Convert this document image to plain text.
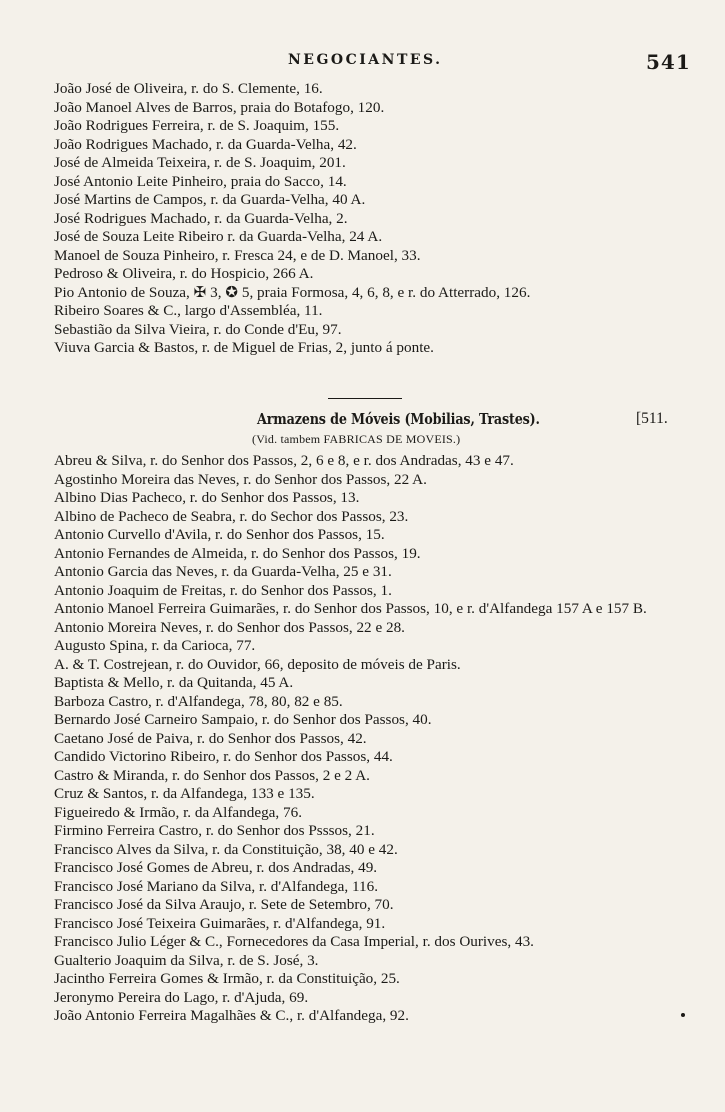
NEGOCIANTES.	541
João José de Oliveira, r. do S. Clemente, 16.
João Manoel Alves de Barros, praia do Botafogo, 120.
João Rodrigues Ferreira, r. de S. Joaquim, 155.
João Rodrigues Machado, r. da Guarda-Velha, 42.
José de Almeida Teixeira, r. de S. Joaquim, 201.
José Antonio Leite Pinheiro, praia do Sacco, 14.
José Martins de Campos, r. da Guarda-Velha, 40 A.
José Rodrigues Machado, r. da Guarda-Velha, 2.
José de Souza Leite Ribeiro r. da Guarda-Velha, 24 A.
Manoel de Souza Pinheiro, r. Fresca 24, e de D. Manoel, 33.
Pedroso & Oliveira, r. do Hospicio, 266 A.
Pio Antonio de Souza, ✠ 3, ✪ 5, praia Formosa, 4, 6, 8, e r. do Atterrado, 126.
Ribeiro Soares & C., largo d'Assembléa, 11.
Sebastião da Silva Vieira, r. do Conde d'Eu, 97.
Viuva Garcia & Bastos, r. de Miguel de Frias, 2, junto á ponte.
Armazens de Móveis (Mobilias, Trastes).	[511.
(Vid. tambem FABRICAS DE MOVEIS.)
Abreu & Silva, r. do Senhor dos Passos, 2, 6 e 8, e r. dos Andradas, 43 e 47.
Agostinho Moreira das Neves, r. do Senhor dos Passos, 22 A.
Albino Dias Pacheco, r. do Senhor dos Passos, 13.
Albino de Pacheco de Seabra, r. do Sechor dos Passos, 23.
Antonio Curvello d'Avila, r. do Senhor dos Passos, 15.
Antonio Fernandes de Almeida, r. do Senhor dos Passos, 19.
Antonio Garcia das Neves, r. da Guarda-Velha, 25 e 31.
Antonio Joaquim de Freitas, r. do Senhor dos Passos, 1.
Antonio Manoel Ferreira Guimarães, r. do Senhor dos Passos, 10, e r. d'Alfandega 157 A e 157 B.
Antonio Moreira Neves, r. do Senhor dos Passos, 22 e 28.
Augusto Spina, r. da Carioca, 77.
A. & T. Costrejean, r. do Ouvidor, 66, deposito de móveis de Paris.
Baptista & Mello, r. da Quitanda, 45 A.
Barboza Castro, r. d'Alfandega, 78, 80, 82 e 85.
Bernardo José Carneiro Sampaio, r. do Senhor dos Passos, 40.
Caetano José de Paiva, r. do Senhor dos Passos, 42.
Candido Victorino Ribeiro, r. do Senhor dos Passos, 44.
Castro & Miranda, r. do Senhor dos Passos, 2 e 2 A.
Cruz & Santos, r. da Alfandega, 133 e 135.
Figueiredo & Irmão, r. da Alfandega, 76.
Firmino Ferreira Castro, r. do Senhor dos Psssos, 21.
Francisco Alves da Silva, r. da Constituição, 38, 40 e 42.
Francisco José Gomes de Abreu, r. dos Andradas, 49.
Francisco José Mariano da Silva, r. d'Alfandega, 116.
Francisco José da Silva Araujo, r. Sete de Setembro, 70.
Francisco José Teixeira Guimarães, r. d'Alfandega, 91.
Francisco Julio Léger & C., Fornecedores da Casa Imperial, r. dos Ourives, 43.
Gualterio Joaquim da Silva, r. de S. José, 3.
Jacintho Ferreira Gomes & Irmão, r. da Constituição, 25.
Jeronymo Pereira do Lago, r. d'Ajuda, 69.
João Antonio Ferreira Magalhães & C., r. d'Alfandega, 92.
